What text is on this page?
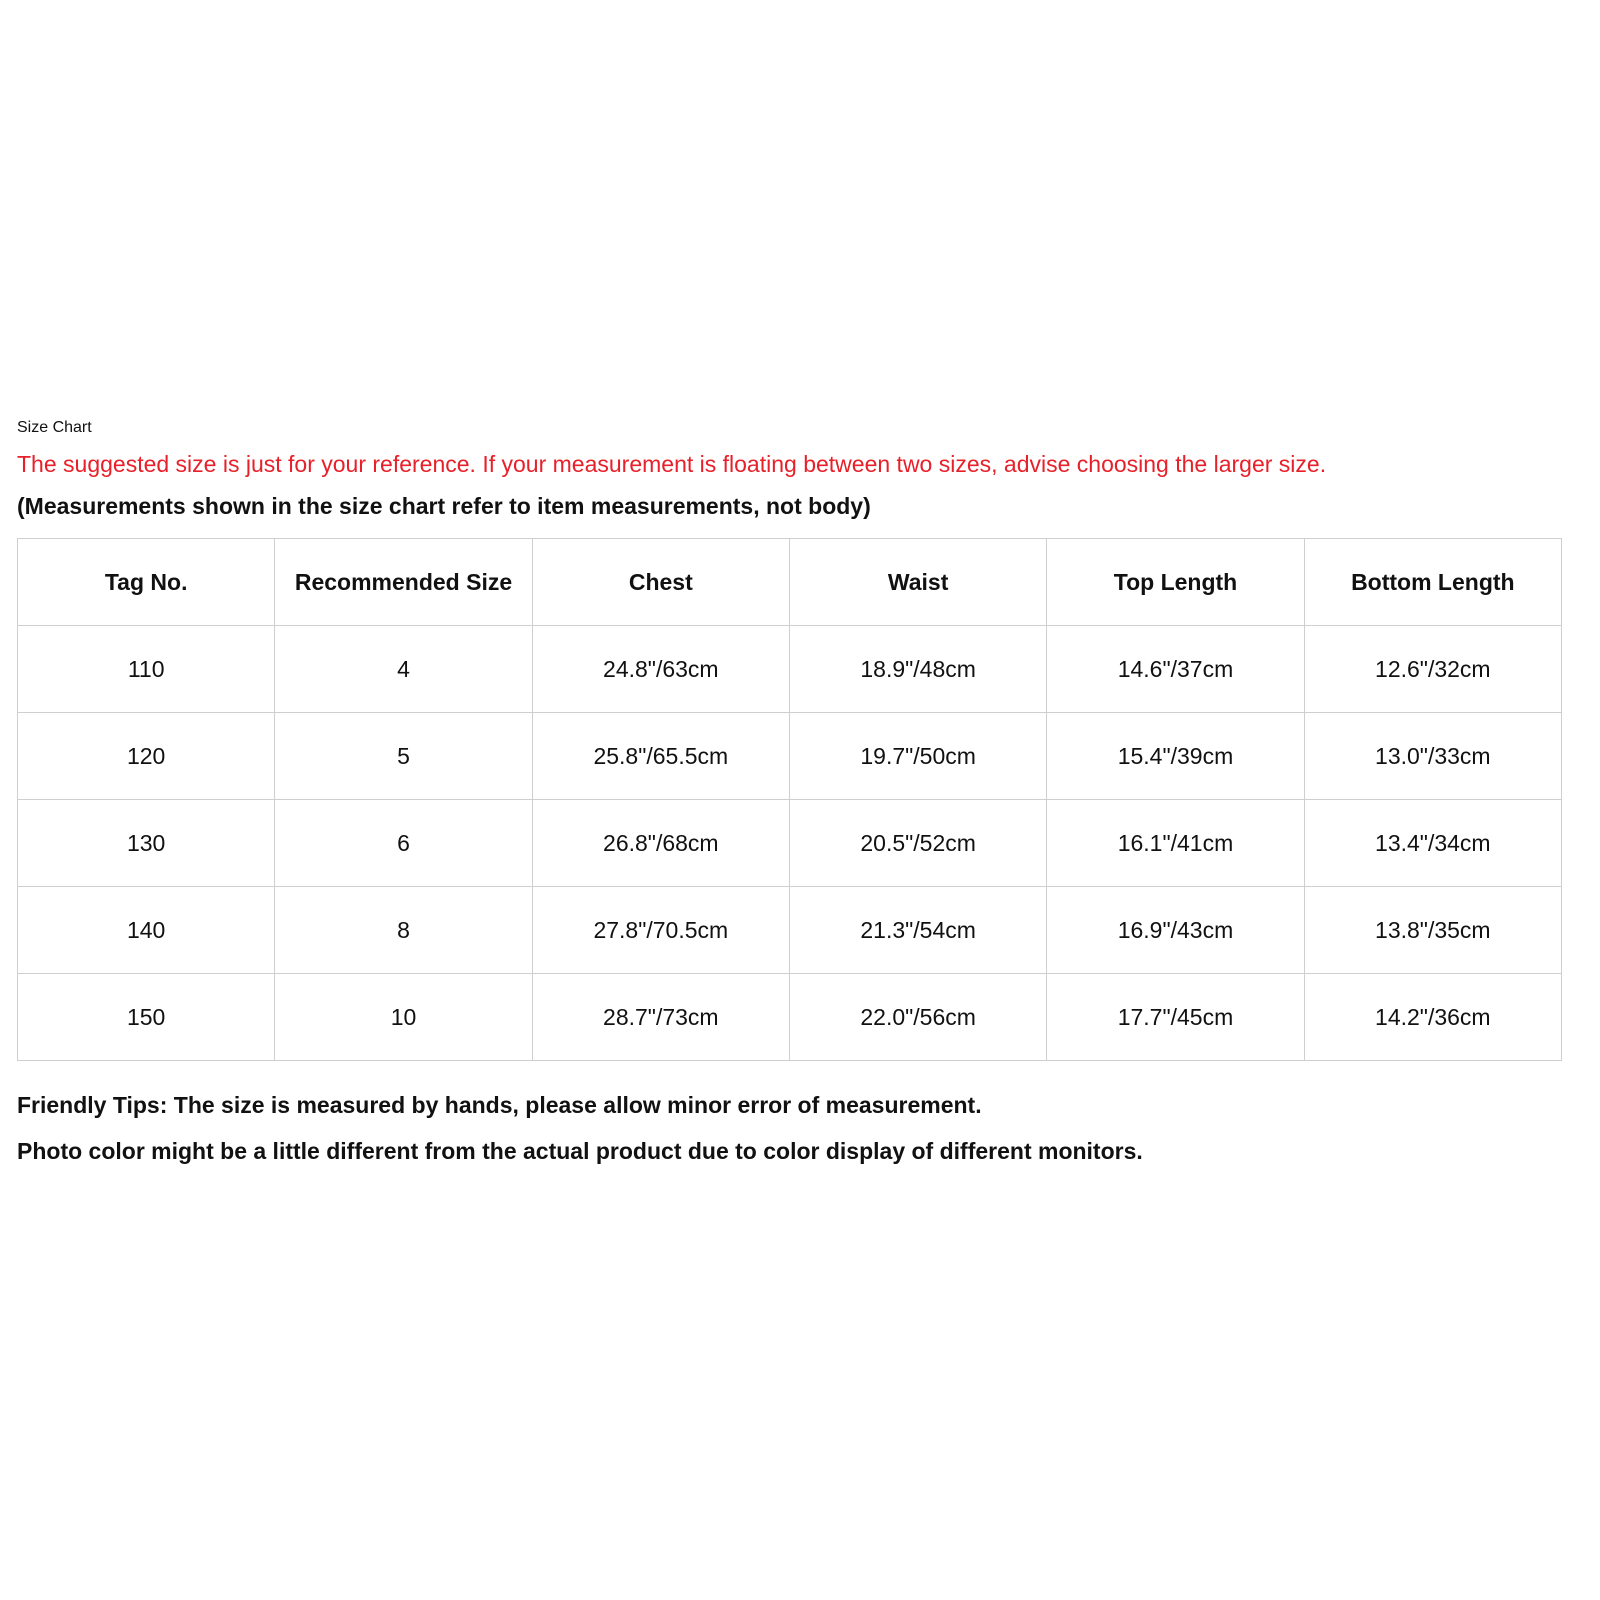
Size Chart

The suggested size is just for your reference. If your measurement is floating between two sizes, advise choosing the larger size.

(Measurements shown in the size chart refer to item measurements, not body)

Tag No.	Recommended Size	Chest	Waist	Top Length	Bottom Length
110	4	24.8"/63cm	18.9"/48cm	14.6"/37cm	12.6"/32cm
120	5	25.8"/65.5cm	19.7"/50cm	15.4"/39cm	13.0"/33cm
130	6	26.8"/68cm	20.5"/52cm	16.1"/41cm	13.4"/34cm
140	8	27.8"/70.5cm	21.3"/54cm	16.9"/43cm	13.8"/35cm
150	10	28.7"/73cm	22.0"/56cm	17.7"/45cm	14.2"/36cm

Friendly Tips: The size is measured by hands, please allow minor error of measurement.

Photo color might be a little different from the actual product due to color display of different monitors.
